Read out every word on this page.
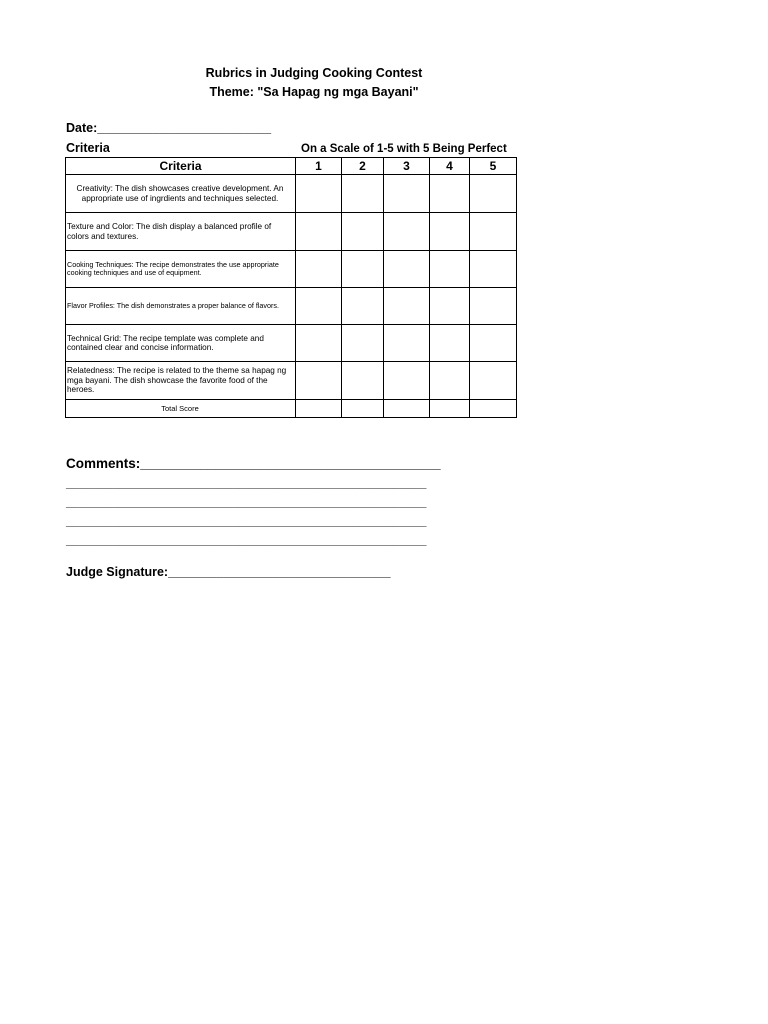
Rubrics in Judging Cooking Contest
Theme: "Sa Hapag ng mga Bayani"
Date:_________________________
Criteria	On a Scale of 1-5 with 5 Being Perfect
Criteria	1	2	3	4	5
Creativity: The dish showcases creative development. An appropriate use of ingrdients and techniques selected.					
Texture and Color: The dish display a balanced profile of colors and textures.					
Cooking Techniques: The recipe demonstrates the use appropriate cooking techniques and use of equipment.					
Flavor Profiles: The dish demonstrates a proper balance of flavors.					
Technical Grid: The recipe template was complete and contained clear and concise information.					
Relatedness: The recipe is related to the theme sa hapag ng mga bayani. The dish showcase the favorite food of the heroes.					
Total Score					
Comments:________________________________________
______________________________________________________
______________________________________________________
______________________________________________________
______________________________________________________
Judge Signature:________________________________
